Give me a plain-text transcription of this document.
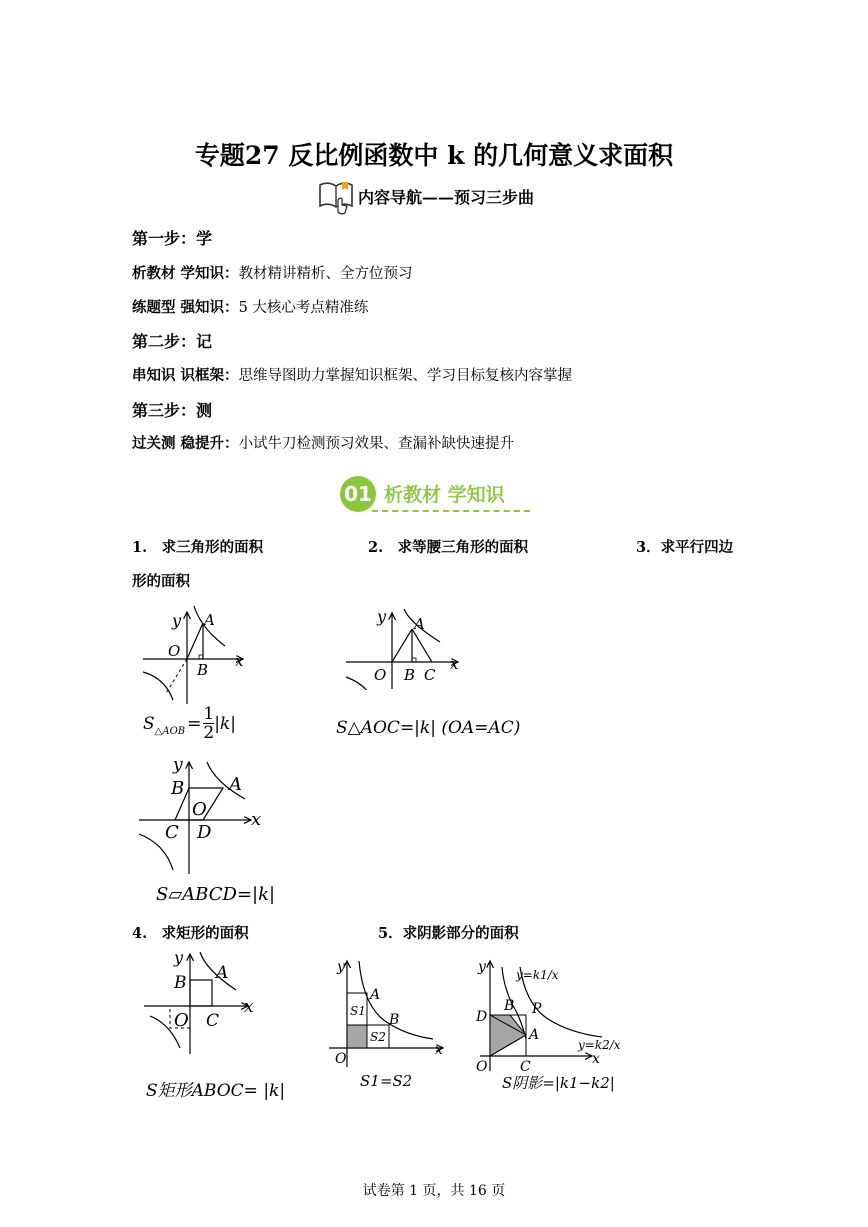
专题27 反比例函数中 k 的几何意义求面积
内容导航——预习三步曲
第一步：学
析教材 学知识：教材精讲精析、全方位预习
练题型 强知识：5 大核心考点精准练
第二步：记
串知识 识框架：思维导图助力掌握知识框架、学习目标复核内容掌握
第三步：测
过关测 稳提升：小试牛刀检测预习效果、查漏补缺快速提升
01 析教材 学知识
1.　求三角形的面积	2.　求等腰三角形的面积	3．求平行四边
形的面积
y
x
O
A
B
S △AOB = $\frac{1}{2} |k|$
y
x
O
A
B C
S△AOC=|k| (OA=AC)
y
x
O
A
B
C D
S▱ABCD=|k|
4.　求矩形的面积	5．求阴影部分的面积
y
x
O
A
B
C
S矩形ABOC= |k|
y
x
O
A
B
S1
S2
S1=S2
y
x
O
A
B
C
D	P
y=k1/x
y=k2/x
S阴影=|k1−k2|
试卷第 1 页，共 16 页
